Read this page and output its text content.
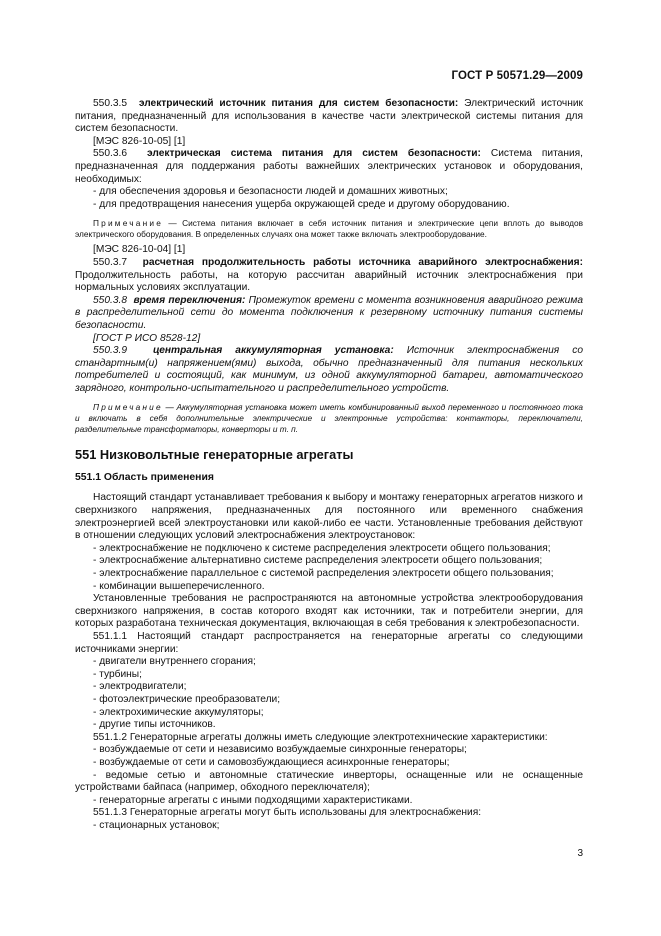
ГОСТ Р 50571.29—2009

550.3.5 электрический источник питания для систем безопасности: Электрический источник питания, предназначенный для использования в качестве части электрической системы питания для систем безопасности.

[МЭС 826-10-05] [1]

550.3.6 электрическая система питания для систем безопасности: Система питания, предназначенная для поддержания работы важнейших электрических установок и оборудования, необходимых:

- для обеспечения здоровья и безопасности людей и домашних животных;

- для предотвращения нанесения ущерба окружающей среде и другому оборудованию.

Примечание — Система питания включает в себя источник питания и электрические цепи вплоть до выводов электрического оборудования. В определенных случаях она может также включать электрооборудование.

[МЭС 826-10-04] [1]

550.3.7 расчетная продолжительность работы источника аварийного электроснабжения: Продолжительность работы, на которую рассчитан аварийный источник электроснабжения при нормальных условиях эксплуатации.

550.3.8 время переключения: Промежуток времени с момента возникновения аварийного режима в распределительной сети до момента подключения к резервному источнику питания системы безопасности.

[ГОСТ Р ИСО 8528-12]

550.3.9	центральная аккумуляторная установка: Источник электроснабжения со стандартным(и) напряжением(ями) выхода, обычно предназначенный для питания нескольких потребителей и состоящий, как минимум, из одной аккумуляторной батареи, автоматического зарядного, контрольно-испытательного и распределительного устройств.

Примечание — Аккумуляторная установка может иметь комбинированный выход переменного и постоянного тока и включать в себя дополнительные электрические и электронные устройства: контакторы, переключатели, разделительные трансформаторы, конверторы и т. п.

551 Низковольтные генераторные агрегаты
551.1 Область применения

Настоящий стандарт устанавливает требования к выбору и монтажу генераторных агрегатов низкого и сверхнизкого напряжения, предназначенных для постоянного или временного снабжения электроэнергией всей электроустановки или какой-либо ее части. Установленные требования действуют в отношении следующих условий электроснабжения электроустановок:

- электроснабжение не подключено к системе распределения электросети общего пользования;

- электроснабжение альтернативно системе распределения электросети общего пользования;

- электроснабжение параллельное с системой распределения электросети общего пользования;

- комбинации вышеперечисленного.

Установленные требования не распространяются на автономные устройства электрооборудования сверхнизкого напряжения, в состав которого входят как источники, так и потребители энергии, для которых разработана техническая документация, включающая в себя требования к электробезопасности.

551.1.1 Настоящий стандарт распространяется на генераторные агрегаты со следующими источниками энергии:

- двигатели внутреннего сгорания;

- турбины;

- электродвигатели;

- фотоэлектрические преобразователи;

- электрохимические аккумуляторы;

- другие типы источников.

551.1.2 Генераторные агрегаты должны иметь следующие электротехнические характеристики:

- возбуждаемые от сети и независимо возбуждаемые синхронные генераторы;

- возбуждаемые от сети и самовозбуждающиеся асинхронные генераторы;

- ведомые сетью и автономные статические инверторы, оснащенные или не оснащенные устройствами байпаса (например, обходного переключателя);

- генераторные агрегаты с иными подходящими характеристиками.

551.1.3 Генераторные агрегаты могут быть использованы для электроснабжения:

- стационарных установок;

3
